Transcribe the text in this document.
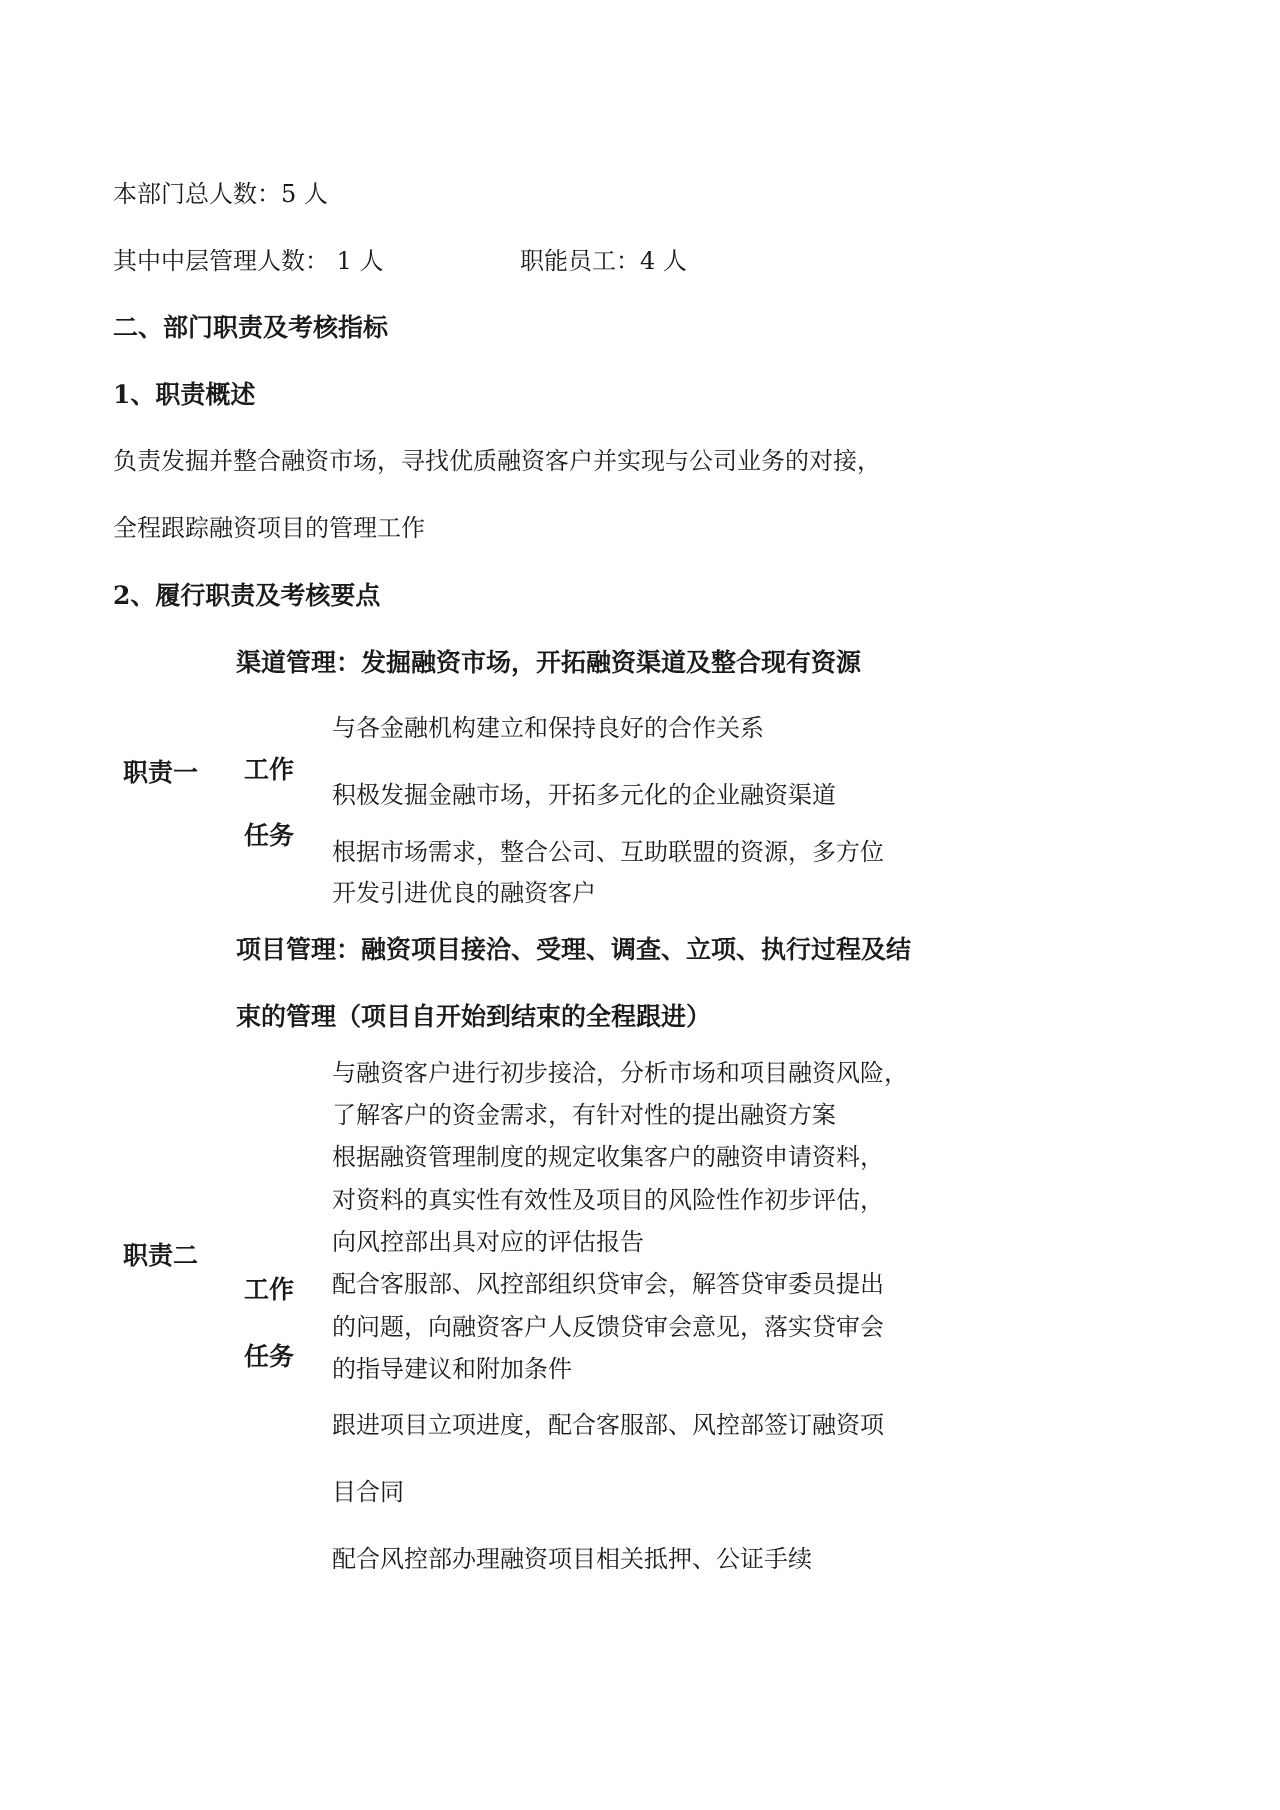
本部门总人数：5 人
其中中层管理人数： 1 人	职能员工：4 人
二、部门职责及考核指标
1、职责概述
负责发掘并整合融资市场，寻找优质融资客户并实现与公司业务的对接，
全程跟踪融资项目的管理工作
2、履行职责及考核要点
渠道管理：发掘融资市场，开拓融资渠道及整合现有资源
职责一 工作
任务
与各金融机构建立和保持良好的合作关系
积极发掘金融市场，开拓多元化的企业融资渠道
根据市场需求，整合公司、互助联盟的资源，多方位
开发引进优良的融资客户
项目管理：融资项目接洽、受理、调查、立项、执行过程及结
束的管理（项目自开始到结束的全程跟进）
职责二
工作
任务
与融资客户进行初步接洽，分析市场和项目融资风险，
了解客户的资金需求，有针对性的提出融资方案
根据融资管理制度的规定收集客户的融资申请资料，
对资料的真实性有效性及项目的风险性作初步评估，
向风控部出具对应的评估报告
配合客服部、风控部组织贷审会，解答贷审委员提出
的问题，向融资客户人反馈贷审会意见，落实贷审会
的指导建议和附加条件
跟进项目立项进度，配合客服部、风控部签订融资项
目合同
配合风控部办理融资项目相关抵押、公证手续
